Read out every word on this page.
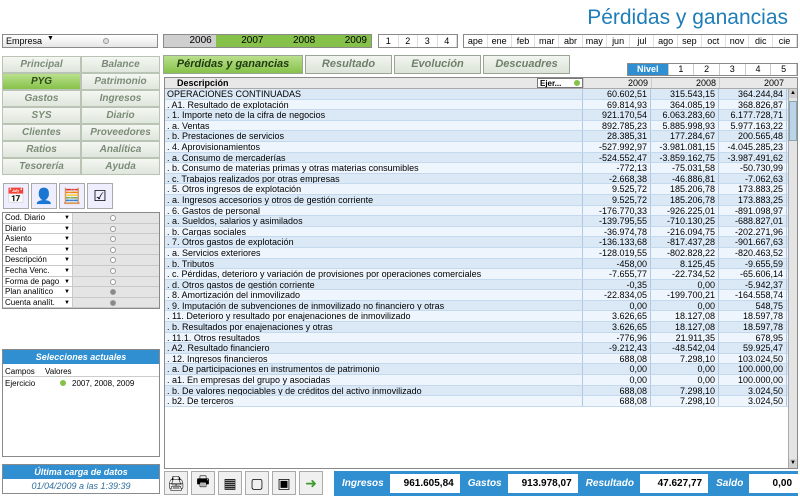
Pérdidas y ganancias
Empresa ▼	2006	2007	2008	2009	1	2	3	4	ape ene	feb	mar	abr may	jun	jul	ago	sep	oct	nov	dic	cie
Principal	Balance
PYG	Patrimonio
Gastos	Ingresos
SYS	Diario
Clientes	Proveedores
Ratios	Analítica
Tesorería	Ayuda
📅 👤 🧮 ☑
Cod. Diario	▼
Diario	▼
Asiento	▼
Fecha	▼
Descripción	▼
Fecha Venc. ▼
Forma de pago ▼
Plan analítico ▼
Cuenta analít. ▼
Selecciones actuales
Campos	Valores
Ejercicio	2007, 2008, 2009
Última carga de datos
01/04/2009 a las 1:39:39
Pérdidas y ganancias	Resultado	Evolución	Descuadres	Nivel	1	2	3	4	5
Descripción	Ejer...	2009	2008	2007
OPERACIONES CONTINUADAS	60.602,51	315.543,15	364.244,84
. A1. Resultado de explotación	69.814,93	364.085,19	368.826,87
. 1. Importe neto de la cifra de negocios	921.170,54	6.063.283,60	6.177.728,71
. a. Ventas	892.785,23	5.885.998,93	5.977.163,22
. b. Prestaciones de servicios	28.385,31	177.284,67	200.565,48
. 4. Aprovisionamientos	-527.992,97	-3.981.081,15	-4.045.285,23
. a. Consumo de mercaderías	-524.552,47	-3.859.162,75	-3.987.491,62
. b. Consumo de materias primas y otras materias consumibles	-772,13	-75.031,58	-50.730,99
. c. Trabajos realizados por otras empresas	-2.668,38	-46.886,81	-7.062,63
. 5. Otros ingresos de explotación	9.525,72	185.206,78	173.883,25
. a. Ingresos accesorios y otros de gestión corriente	9.525,72	185.206,78	173.883,25
. 6. Gastos de personal	-176.770,33	-926.225,01	-891.098,97
. a. Sueldos, salarios y asimilados	-139.795,55	-710.130,25	-688.827,01
. b. Cargas sociales	-36.974,78	-216.094,75	-202.271,96
. 7. Otros gastos de explotación	-136.133,68	-817.437,28	-901.667,63
. a. Servicios exteriores	-128.019,55	-802.828,22	-820.463,52
. b. Tributos	-458,00	8.125,45	-9.655,59
. c. Pérdidas, deterioro y variación de provisiones por operaciones comerciales	-7.655,77	-22.734,52	-65.606,14
. d. Otros gastos de gestión corriente	-0,35	0,00	-5.942,37
. 8. Amortización del inmovilizado	-22.834,05	-199.700,21	-164.558,74
. 9. Imputación de subvenciones de inmovilizado no financiero y otras	0,00	0,00	548,75
. 11. Deterioro y resultado por enajenaciones de inmovilizado	3.626,65	18.127,08	18.597,78
. b. Resultados por enajenaciones y otras	3.626,65	18.127,08	18.597,78
. 11.1. Otros resultados	-776,96	21.911,35	678,95
. A2. Resultado financiero	-9.212,43	-48.542,04	59.925,47
. 12. Ingresos financieros	688,08	7.298,10	103.024,50
. a. De participaciones en instrumentos de patrimonio	0,00	0,00	100.000,00
. a1. En empresas del grupo y asociadas	0,00	0,00	100.000,00
. b. De valores negociables y de créditos del activo inmovilizado	688,08	7.298,10	3.024,50
. b2. De terceros	688,08	7.298,10	3.024,50
▲
▼
🖨 🖶 ▦ ▢ ▣	➜	Ingresos	961.605,84	Gastos	913.978,07	Resultado	47.627,77	Saldo	0,00
